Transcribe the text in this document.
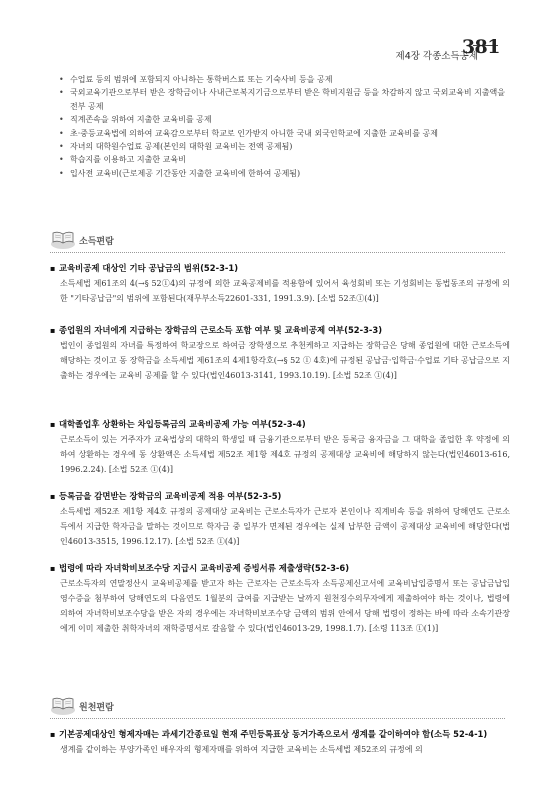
제4장 각종소득공제
381
• 수업료 등의 범위에 포함되지 아니하는 통학버스료 또는 기숙사비 등을 공제
• 국외교육기관으로부터 받은 장학금이나 사내근로복지기금으로부터 받은 학비지원금 등을 차감하지 않고 국외교육비 지출액을 전부 공제
• 직계존속을 위하여 지출한 교육비를 공제
• 초·중등교육법에 의하여 교육감으로부터 학교로 인가받지 아니한 국내 외국인학교에 지출한 교육비를 공제
• 자녀의 대학원수업료 공제(본인의 대학원 교육비는 전액 공제됨)
• 학습지를 이용하고 지출한 교육비
• 입사전 교육비(근로제공 기간동안 지출한 교육비에 한하여 공제됨)
소득편람

▪ 교육비공제 대상인 기타 공납금의 범위(52-3-1)

소득세법 제61조의 4(→§ 52①4)의 규정에 의한 교육공제비를 적용함에 있어서 육성회비 또는 기성회비는 동법동조의 규정에 의한 "기타공납금"의 범위에 포함된다(재무부소득22601-331, 1991.3.9). [소법 52조①(4)]

▪ 종업원의 자녀에게 지급하는 장학금의 근로소득 포함 여부 및 교육비공제 여부(52-3-3)

법인이 종업원의 자녀를 특정하여 학교장으로 하여금 장학생으로 추천케하고 지급하는 장학금은 당해 종업원에 대한 근로소득에 해당하는 것이고 동 장학금을 소득세법 제61조의 4제1항각호(→§ 52 ① 4호)에 규정된 공납금·입학금·수업료 기타 공납금으로 지출하는 경우에는 교육비 공제를 할 수 있다(법인46013-3141, 1993.10.19). [소법 52조 ①(4)]

▪ 대학졸업후 상환하는 차입등록금의 교육비공제 가능 여부(52-3-4)

근로소득이 있는 거주자가 교육법상의 대학의 학생일 때 금융기관으로부터 받은 등록금 융자금을 그 대학을 졸업한 후 약정에 의하여 상환하는 경우에 동 상환액은 소득세법 제52조 제1항 제4호 규정의 공제대상 교육비에 해당하지 않는다(법인46013-616, 1996.2.24). [소법 52조 ①(4)]

▪ 등록금을 감면받는 장학금의 교육비공제 적용 여부(52-3-5)

소득세법 제52조 제1항 제4호 규정의 공제대상 교육비는 근로소득자가 근로자 본인이나 직계비속 등을 위하여 당해연도 근로소득에서 지급한 학자금을 말하는 것이므로 학자금 중 일부가 면제된 경우에는 실제 납부한 금액이 공제대상 교육비에 해당한다(법인46013-3515, 1996.12.17). [소법 52조 ①(4)]

▪ 법령에 따라 자녀학비보조수당 지급시 교육비공제 증빙서류 제출생략(52-3-6)

근로소득자의 연말정산시 교육비공제를 받고자 하는 근로자는 근로소득자 소득공제신고서에 교육비납입증명서 또는 공납금납입영수증을 첨부하여 당해연도의 다음연도 1월분의 급여를 지급받는 날까지 원천징수의무자에게 제출하여야 하는 것이나, 법령에 의하여 자녀학비보조수당을 받은 자의 경우에는 자녀학비보조수당 금액의 범위 안에서 당해 법령이 정하는 바에 따라 소속기관장에게 이미 제출한 취학자녀의 재학증명서로 갈음할 수 있다(법인46013-29, 1998.1.7). [소령 113조 ①(1)]

원천편람

▪ 기본공제대상인 형제자매는 과세기간종료일 현재 주민등록표상 동거가족으로서 생계를 같이하여야 함(소득 52-4-1)

생계를 같이하는 부양가족인 배우자의 형제자매를 위하여 지급한 교육비는 소득세법 제52조의 규정에 의
